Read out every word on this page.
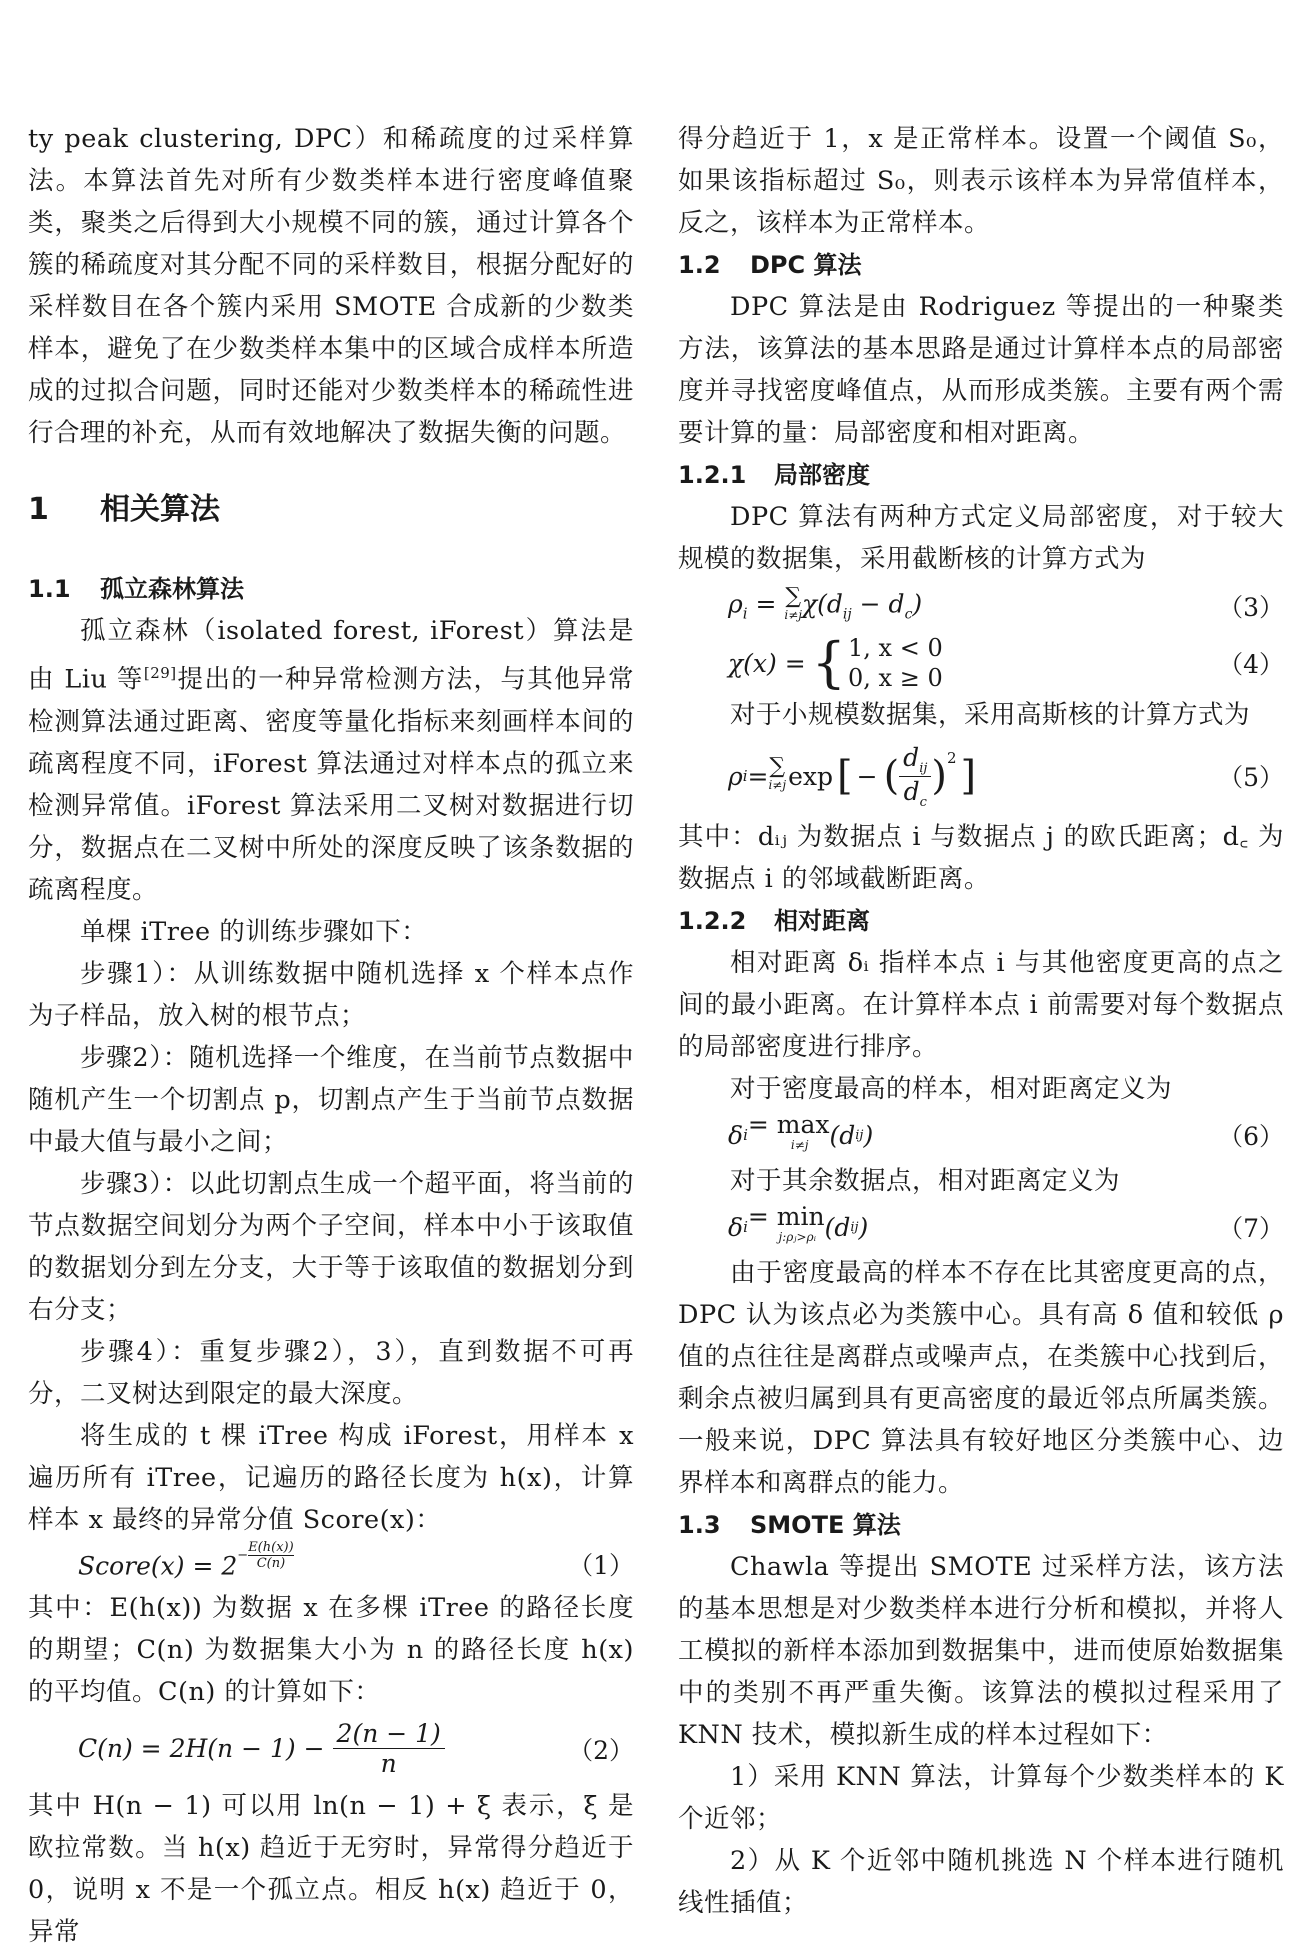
ty peak clustering, DPC）和稀疏度的过采样算法。本算法首先对所有少数类样本进行密度峰值聚类，聚类之后得到大小规模不同的簇，通过计算各个簇的稀疏度对其分配不同的采样数目，根据分配好的采样数目在各个簇内采用 SMOTE 合成新的少数类样本，避免了在少数类样本集中的区域合成样本所造成的过拟合问题，同时还能对少数类样本的稀疏性进行合理的补充，从而有效地解决了数据失衡的问题。

1 相关算法
1.1 孤立森林算法

孤立森林（isolated forest, iForest）算法是由 Liu 等[29]提出的一种异常检测方法，与其他异常检测算法通过距离、密度等量化指标来刻画样本间的疏离程度不同，iForest 算法通过对样本点的孤立来检测异常值。iForest 算法采用二叉树对数据进行切分，数据点在二叉树中所处的深度反映了该条数据的疏离程度。

单棵 iTree 的训练步骤如下：

步骤1）：从训练数据中随机选择 x 个样本点作为子样品，放入树的根节点；

步骤2）：随机选择一个维度，在当前节点数据中随机产生一个切割点 p，切割点产生于当前节点数据中最大值与最小之间；

步骤3）：以此切割点生成一个超平面，将当前的节点数据空间划分为两个子空间，样本中小于该取值的数据划分到左分支，大于等于该取值的数据划分到右分支；

步骤4）：重复步骤2），3），直到数据不可再分，二叉树达到限定的最大深度。

将生成的 t 棵 iTree 构成 iForest，用样本 x 遍历所有 iTree，记遍历的路径长度为 h(x)，计算样本 x 最终的异常分值 Score(x)：

Score(x) = $2^{- \frac{E(h(x))}{C(n)}}$	（1）

其中：E(h(x)) 为数据 x 在多棵 iTree 的路径长度的期望；C(n) 为数据集大小为 n 的路径长度 h(x) 的平均值。C(n) 的计算如下：

$C(n) = 2H(n - 1) - \frac{2(n - 1)}{n}$	（2）

其中 H(n − 1) 可以用 ln(n − 1) + ξ 表示，ξ 是欧拉常数。当 h(x) 趋近于无穷时，异常得分趋近于 0，说明 x 不是一个孤立点。相反 h(x) 趋近于 0，异常

得分趋近于 1，x 是正常样本。设置一个阈值 S₀，如果该指标超过 S₀，则表示该样本为异常值样本，反之，该样本为正常样本。

1.2 DPC 算法

DPC 算法是由 Rodriguez 等提出的一种聚类方法，该算法的基本思路是通过计算样本点的局部密度并寻找密度峰值点，从而形成类簇。主要有两个需要计算的量：局部密度和相对距离。

1.2.1 局部密度

DPC 算法有两种方式定义局部密度，对于较大规模的数据集，采用截断核的计算方式为

$\rho_i$ = ∑
i≠j $\chi(d_{ij} - d_c)$	（3）
χ(x) = { 1, x < 0
0, x ≥ 0	（4）

对于小规模数据集，采用高斯核的计算方式为

ρ i = ∑
i≠j exp [ − ( $d_{ij}$
$d_c$
)$^2$ ]	（5）

其中：dᵢⱼ 为数据点 i 与数据点 j 的欧氏距离；d꜀ 为数据点 i 的邻域截断距离。

1.2.2 相对距离

相对距离 δᵢ 指样本点 i 与其他密度更高的点之间的最小距离。在计算样本点 i 前需要对每个数据点的局部密度进行排序。

对于密度最高的样本，相对距离定义为

δ i = max
i≠j (d ij )	（6）

对于其余数据点，相对距离定义为

δ i = min
j:ρⱼ>ρᵢ (d ij )	（7）

由于密度最高的样本不存在比其密度更高的点，DPC 认为该点必为类簇中心。具有高 δ 值和较低 ρ 值的点往往是离群点或噪声点，在类簇中心找到后，剩余点被归属到具有更高密度的最近邻点所属类簇。一般来说，DPC 算法具有较好地区分类簇中心、边界样本和离群点的能力。

1.3 SMOTE 算法

Chawla 等提出 SMOTE 过采样方法，该方法的基本思想是对少数类样本进行分析和模拟，并将人工模拟的新样本添加到数据集中，进而使原始数据集中的类别不再严重失衡。该算法的模拟过程采用了 KNN 技术，模拟新生成的样本过程如下：

1）采用 KNN 算法，计算每个少数类样本的 K 个近邻；

2）从 K 个近邻中随机挑选 N 个样本进行随机线性插值；
